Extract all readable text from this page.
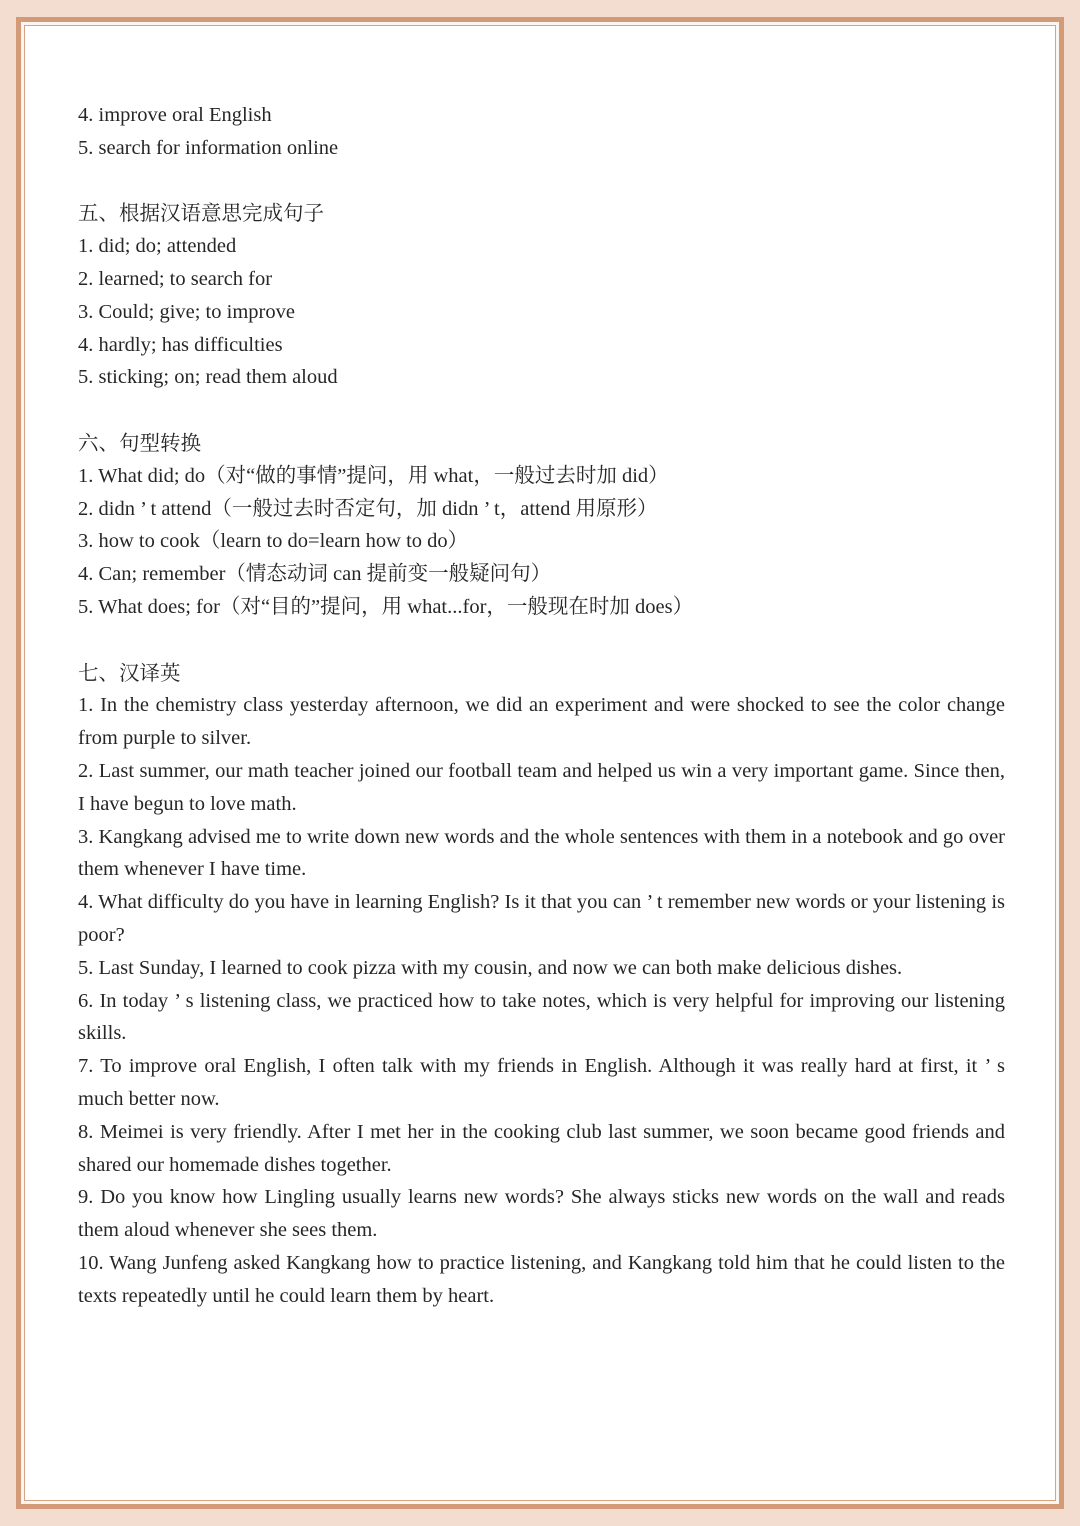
4. improve oral English

5. search for information online

五、根据汉语意思完成句子

1. did; do; attended

2. learned; to search for

3. Could; give; to improve

4. hardly; has difficulties

5. sticking; on; read them aloud

六、句型转换

1. What did; do（对“做的事情”提问，用 what，一般过去时加 did）

2. didn ’ t attend（一般过去时否定句，加 didn ’ t，attend 用原形）

3. how to cook（learn to do=learn how to do）

4. Can; remember（情态动词 can 提前变一般疑问句）

5. What does; for（对“目的”提问，用 what...for，一般现在时加 does）

七、汉译英

1. In the chemistry class yesterday afternoon, we did an experiment and were shocked to see the color change from purple to silver.

2. Last summer, our math teacher joined our football team and helped us win a very important game. Since then, I have begun to love math.

3. Kangkang advised me to write down new words and the whole sentences with them in a notebook and go over them whenever I have time.

4. What difficulty do you have in learning English? Is it that you can ’ t remember new words or your listening is poor?

5. Last Sunday, I learned to cook pizza with my cousin, and now we can both make delicious dishes.

6. In today ’ s listening class, we practiced how to take notes, which is very helpful for improving our listening skills.

7. To improve oral English, I often talk with my friends in English. Although it was really hard at first, it ’ s much better now.

8. Meimei is very friendly. After I met her in the cooking club last summer, we soon became good friends and shared our homemade dishes together.

9. Do you know how Lingling usually learns new words? She always sticks new words on the wall and reads them aloud whenever she sees them.

10. Wang Junfeng asked Kangkang how to practice listening, and Kangkang told him that he could listen to the texts repeatedly until he could learn them by heart.
